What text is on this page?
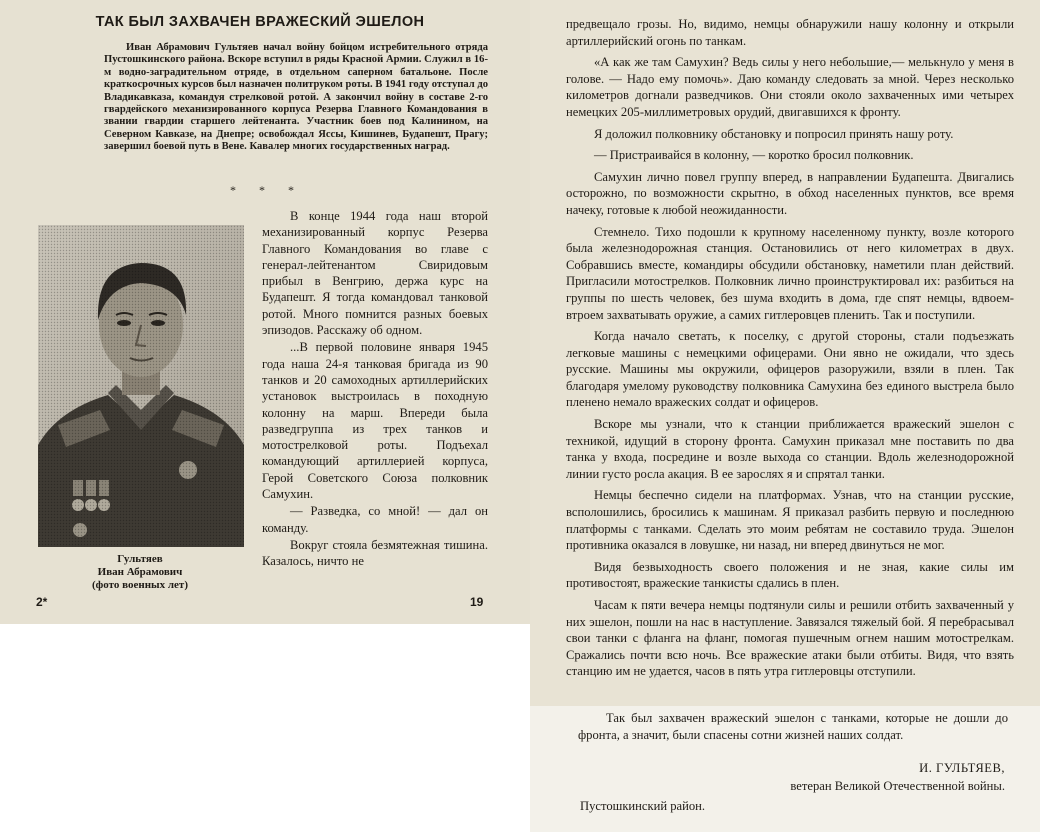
ТАК БЫЛ ЗАХВАЧЕН ВРАЖЕСКИЙ ЭШЕЛОН

Иван Абрамович Гультяев начал войну бойцом истребительного отряда Пустошкинского района. Вскоре вступил в ряды Красной Армии. Служил в 16-м водно-заградительном отряде, в отдельном саперном батальоне. После краткосрочных курсов был назначен политруком роты. В 1941 году отступал до Владикавказа, командуя стрелковой ротой. А закончил войну в составе 2-го гвардейского механизированного корпуса Резерва Главного Командования в звании гвардии старшего лейтенанта. Участник боев под Калинином, на Северном Кавказе, на Днепре; освобождал Яссы, Кишинев, Будапешт, Прагу; завершил боевой путь в Вене. Кавалер многих государственных наград.

* * *

Гультяев
Иван Абрамович
(фото военных лет)

В конце 1944 года наш второй механизированный корпус Резерва Главного Командования во главе с генерал-лейтенантом Свиридовым прибыл в Венгрию, держа курс на Будапешт. Я тогда командовал танковой ротой. Много помнится разных боевых эпизодов. Расскажу об одном.

...В первой половине января 1945 года наша 24-я танковая бригада из 90 танков и 20 самоходных артиллерийских установок выстроилась в походную колонну на марш. Впереди была разведгруппа из трех танков и мотострелковой роты. Подъехал командующий артиллерией корпуса, Герой Советского Союза полковник Самухин.

— Разведка, со мной! — дал он команду.

Вокруг стояла безмятежная тишина. Казалось, ничто не

2*	19

предвещало грозы. Но, видимо, немцы обнаружили нашу колонну и открыли артиллерийский огонь по танкам.

«А как же там Самухин? Ведь силы у него небольшие,— мелькнуло у меня в голове. — Надо ему помочь». Даю команду следовать за мной. Через несколько километров догнали разведчиков. Они стояли около захваченных ими четырех немецких 205-миллиметровых орудий, двигавшихся к фронту.

Я доложил полковнику обстановку и попросил принять нашу роту.

— Пристраивайся в колонну, — коротко бросил полковник.

Самухин лично повел группу вперед, в направлении Будапешта. Двигались осторожно, по возможности скрытно, в обход населенных пунктов, все время начеку, готовые к любой неожиданности.

Стемнело. Тихо подошли к крупному населенному пункту, возле которого была железнодорожная станция. Остановились от него километрах в двух. Собравшись вместе, командиры обсудили обстановку, наметили план действий. Пригласили мотострелков. Полковник лично проинструктировал их: разбиться на группы по шесть человек, без шума входить в дома, где спят немцы, вдвоем-втроем захватывать оружие, а самих гитлеровцев пленить. Так и поступили.

Когда начало светать, к поселку, с другой стороны, стали подъезжать легковые машины с немецкими офицерами. Они явно не ожидали, что здесь русские. Машины мы окружили, офицеров разоружили, взяли в плен. Так благодаря умелому руководству полковника Самухина без единого выстрела было пленено немало вражеских солдат и офицеров.

Вскоре мы узнали, что к станции приближается вражеский эшелон с техникой, идущий в сторону фронта. Самухин приказал мне поставить по два танка у входа, посредине и возле выхода со станции. Вдоль железнодорожной линии густо росла акация. В ее зарослях я и спрятал танки.

Немцы беспечно сидели на платформах. Узнав, что на станции русские, всполошились, бросились к машинам. Я приказал разбить первую и последнюю платформы с танками. Сделать это моим ребятам не составило труда. Эшелон противника оказался в ловушке, ни назад, ни вперед двинуться не мог.

Видя безвыходность своего положения и не зная, какие силы им противостоят, вражеские танкисты сдались в плен.

Часам к пяти вечера немцы подтянули силы и решили отбить захваченный у них эшелон, пошли на нас в наступление. Завязался тяжелый бой. Я перебрасывал свои танки с фланга на фланг, помогая пушечным огнем нашим мотострелкам. Сражались почти всю ночь. Все вражеские атаки были отбиты. Видя, что взять станцию им не удается, часов в пять утра гитлеровцы отступили.

Так был захвачен вражеский эшелон с танками, которые не дошли до фронта, а значит, были спасены сотни жизней наших солдат.

И. ГУЛЬТЯЕВ,
ветеран Великой Отечественной войны.

Пустошкинский район.
